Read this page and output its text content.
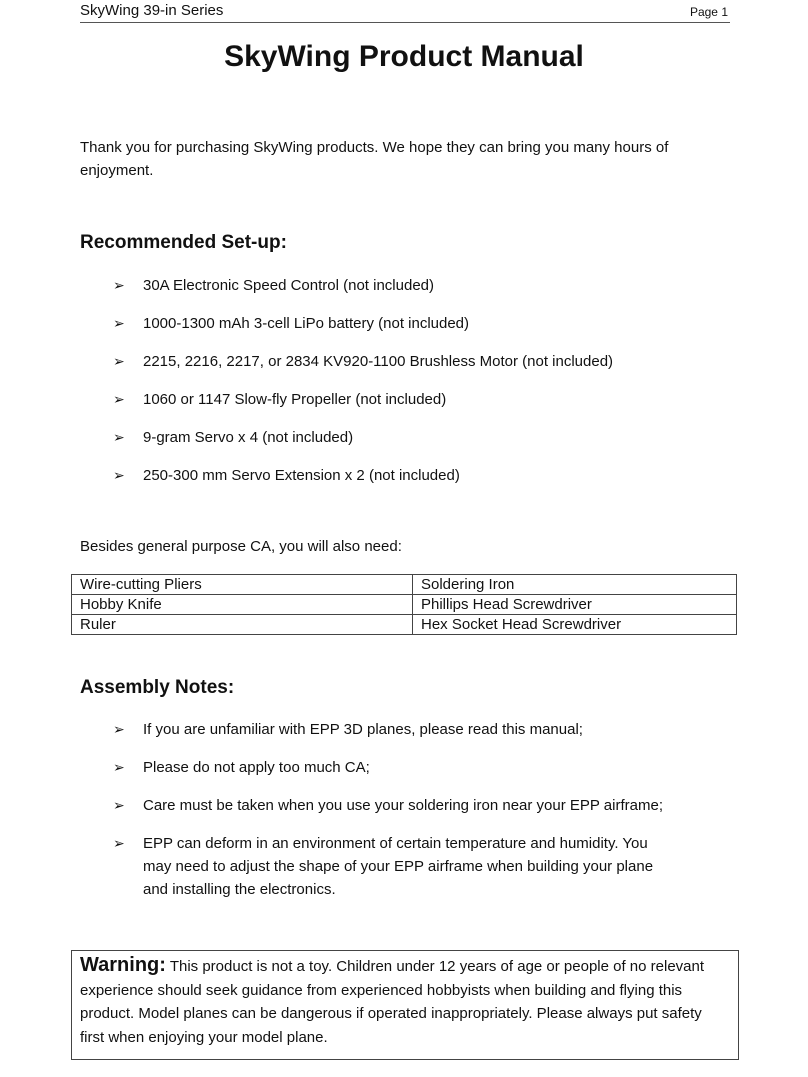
SkyWing 39-in Series	Page 1
SkyWing Product Manual
Thank you for purchasing SkyWing products. We hope they can bring you many hours of enjoyment.
Recommended Set-up:
➢ 30A Electronic Speed Control (not included)
➢ 1000-1300 mAh 3-cell LiPo battery (not included)
➢ 2215, 2216, 2217, or 2834 KV920-1100 Brushless Motor (not included)
➢ 1060 or 1147 Slow-fly Propeller (not included)
➢ 9-gram Servo x 4 (not included)
➢ 250-300 mm Servo Extension x 2 (not included)
Besides general purpose CA, you will also need:
Wire-cutting Pliers	Soldering Iron
Hobby Knife	Phillips Head Screwdriver
Ruler	Hex Socket Head Screwdriver
Assembly Notes:
➢ If you are unfamiliar with EPP 3D planes, please read this manual;
➢ Please do not apply too much CA;
➢ Care must be taken when you use your soldering iron near your EPP airframe;
➢ EPP can deform in an environment of certain temperature and humidity. You may need to adjust the shape of your EPP airframe when building your plane and installing the electronics.
Warning: This product is not a toy. Children under 12 years of age or people of no relevant experience should seek guidance from experienced hobbyists when building and flying this product. Model planes can be dangerous if operated inappropriately. Please always put safety first when enjoying your model plane.
